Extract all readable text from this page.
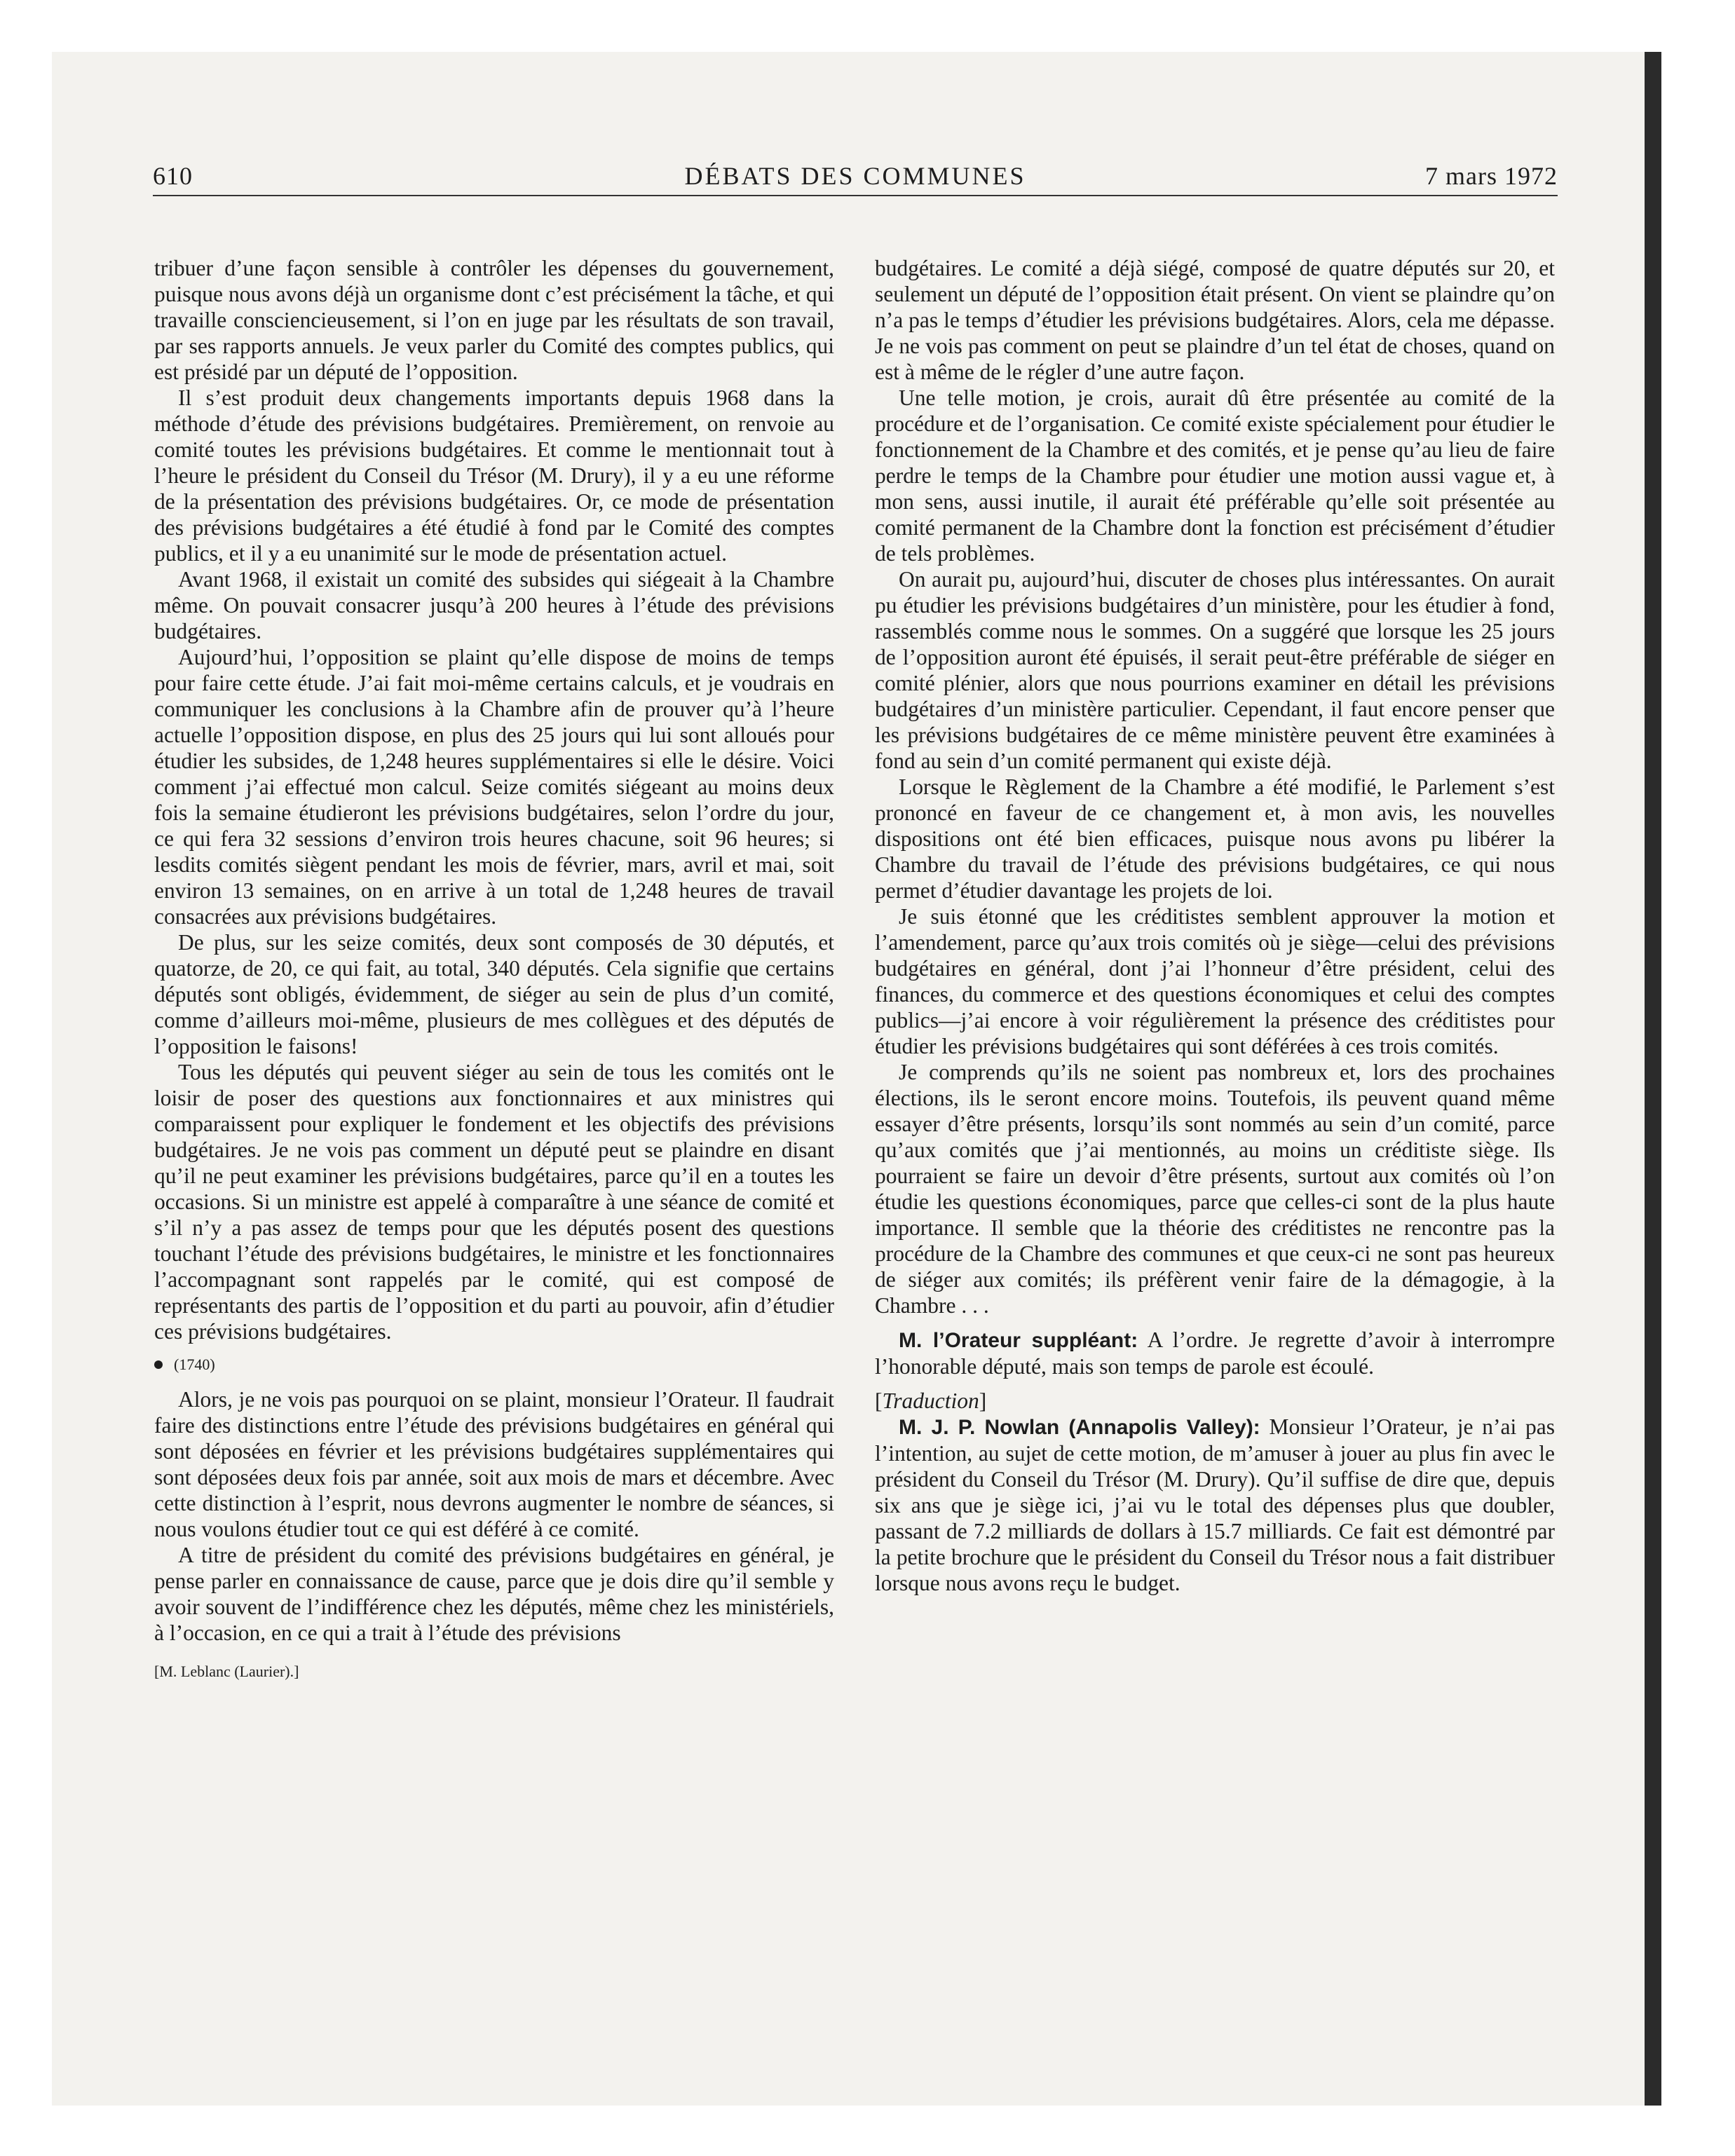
610	DÉBATS DES COMMUNES	7 mars 1972

tribuer d’une façon sensible à contrôler les dépenses du gouvernement, puisque nous avons déjà un organisme dont c’est précisément la tâche, et qui travaille consciencieusement, si l’on en juge par les résultats de son travail, par ses rapports annuels. Je veux parler du Comité des comptes publics, qui est présidé par un député de l’opposition.

Il s’est produit deux changements importants depuis 1968 dans la méthode d’étude des prévisions budgétaires. Premièrement, on renvoie au comité toutes les prévisions budgétaires. Et comme le mentionnait tout à l’heure le président du Conseil du Trésor (M. Drury), il y a eu une réforme de la présentation des prévisions budgétaires. Or, ce mode de présentation des prévisions budgétaires a été étudié à fond par le Comité des comptes publics, et il y a eu unanimité sur le mode de présentation actuel.

Avant 1968, il existait un comité des subsides qui siégeait à la Chambre même. On pouvait consacrer jusqu’à 200 heures à l’étude des prévisions budgétaires.

Aujourd’hui, l’opposition se plaint qu’elle dispose de moins de temps pour faire cette étude. J’ai fait moi-même certains calculs, et je voudrais en communiquer les conclusions à la Chambre afin de prouver qu’à l’heure actuelle l’opposition dispose, en plus des 25 jours qui lui sont alloués pour étudier les subsides, de 1,248 heures supplémentaires si elle le désire. Voici comment j’ai effectué mon calcul. Seize comités siégeant au moins deux fois la semaine étudieront les prévisions budgétaires, selon l’ordre du jour, ce qui fera 32 sessions d’environ trois heures chacune, soit 96 heures; si lesdits comités siègent pendant les mois de février, mars, avril et mai, soit environ 13 semaines, on en arrive à un total de 1,248 heures de travail consacrées aux prévisions budgétaires.

De plus, sur les seize comités, deux sont composés de 30 députés, et quatorze, de 20, ce qui fait, au total, 340 députés. Cela signifie que certains députés sont obligés, évidemment, de siéger au sein de plus d’un comité, comme d’ailleurs moi-même, plusieurs de mes collègues et des députés de l’opposition le faisons!

Tous les députés qui peuvent siéger au sein de tous les comités ont le loisir de poser des questions aux fonctionnaires et aux ministres qui comparaissent pour expliquer le fondement et les objectifs des prévisions budgétaires. Je ne vois pas comment un député peut se plaindre en disant qu’il ne peut examiner les prévisions budgétaires, parce qu’il en a toutes les occasions. Si un ministre est appelé à comparaître à une séance de comité et s’il n’y a pas assez de temps pour que les députés posent des questions touchant l’étude des prévisions budgétaires, le ministre et les fonctionnaires l’accompagnant sont rappelés par le comité, qui est composé de représentants des partis de l’opposition et du parti au pouvoir, afin d’étudier ces prévisions budgétaires.

(1740)

Alors, je ne vois pas pourquoi on se plaint, monsieur l’Orateur. Il faudrait faire des distinctions entre l’étude des prévisions budgétaires en général qui sont déposées en février et les prévisions budgétaires supplémentaires qui sont déposées deux fois par année, soit aux mois de mars et décembre. Avec cette distinction à l’esprit, nous devrons augmenter le nombre de séances, si nous voulons étudier tout ce qui est déféré à ce comité.

A titre de président du comité des prévisions budgétaires en général, je pense parler en connaissance de cause, parce que je dois dire qu’il semble y avoir souvent de l’indifférence chez les députés, même chez les ministériels, à l’occasion, en ce qui a trait à l’étude des prévisions

[M. Leblanc (Laurier).]

budgétaires. Le comité a déjà siégé, composé de quatre députés sur 20, et seulement un député de l’opposition était présent. On vient se plaindre qu’on n’a pas le temps d’étudier les prévisions budgétaires. Alors, cela me dépasse. Je ne vois pas comment on peut se plaindre d’un tel état de choses, quand on est à même de le régler d’une autre façon.

Une telle motion, je crois, aurait dû être présentée au comité de la procédure et de l’organisation. Ce comité existe spécialement pour étudier le fonctionnement de la Chambre et des comités, et je pense qu’au lieu de faire perdre le temps de la Chambre pour étudier une motion aussi vague et, à mon sens, aussi inutile, il aurait été préférable qu’elle soit présentée au comité permanent de la Chambre dont la fonction est précisément d’étudier de tels problèmes.

On aurait pu, aujourd’hui, discuter de choses plus intéressantes. On aurait pu étudier les prévisions budgétaires d’un ministère, pour les étudier à fond, rassemblés comme nous le sommes. On a suggéré que lorsque les 25 jours de l’opposition auront été épuisés, il serait peut-être préférable de siéger en comité plénier, alors que nous pourrions examiner en détail les prévisions budgétaires d’un ministère particulier. Cependant, il faut encore penser que les prévisions budgétaires de ce même ministère peuvent être examinées à fond au sein d’un comité permanent qui existe déjà.

Lorsque le Règlement de la Chambre a été modifié, le Parlement s’est prononcé en faveur de ce changement et, à mon avis, les nouvelles dispositions ont été bien efficaces, puisque nous avons pu libérer la Chambre du travail de l’étude des prévisions budgétaires, ce qui nous permet d’étudier davantage les projets de loi.

Je suis étonné que les créditistes semblent approuver la motion et l’amendement, parce qu’aux trois comités où je siège—celui des prévisions budgétaires en général, dont j’ai l’honneur d’être président, celui des finances, du commerce et des questions économiques et celui des comptes publics—j’ai encore à voir régulièrement la présence des créditistes pour étudier les prévisions budgétaires qui sont déférées à ces trois comités.

Je comprends qu’ils ne soient pas nombreux et, lors des prochaines élections, ils le seront encore moins. Toutefois, ils peuvent quand même essayer d’être présents, lorsqu’ils sont nommés au sein d’un comité, parce qu’aux comités que j’ai mentionnés, au moins un créditiste siège. Ils pourraient se faire un devoir d’être présents, surtout aux comités où l’on étudie les questions économiques, parce que celles-ci sont de la plus haute importance. Il semble que la théorie des créditistes ne rencontre pas la procédure de la Chambre des communes et que ceux-ci ne sont pas heureux de siéger aux comités; ils préfèrent venir faire de la démagogie, à la Chambre . . .

M. l’Orateur suppléant: A l’ordre. Je regrette d’avoir à interrompre l’honorable député, mais son temps de parole est écoulé.

[ Traduction ]

M. J. P. Nowlan (Annapolis Valley): Monsieur l’Orateur, je n’ai pas l’intention, au sujet de cette motion, de m’amuser à jouer au plus fin avec le président du Conseil du Trésor (M. Drury). Qu’il suffise de dire que, depuis six ans que je siège ici, j’ai vu le total des dépenses plus que doubler, passant de 7.2 milliards de dollars à 15.7 milliards. Ce fait est démontré par la petite brochure que le président du Conseil du Trésor nous a fait distribuer lorsque nous avons reçu le budget.
